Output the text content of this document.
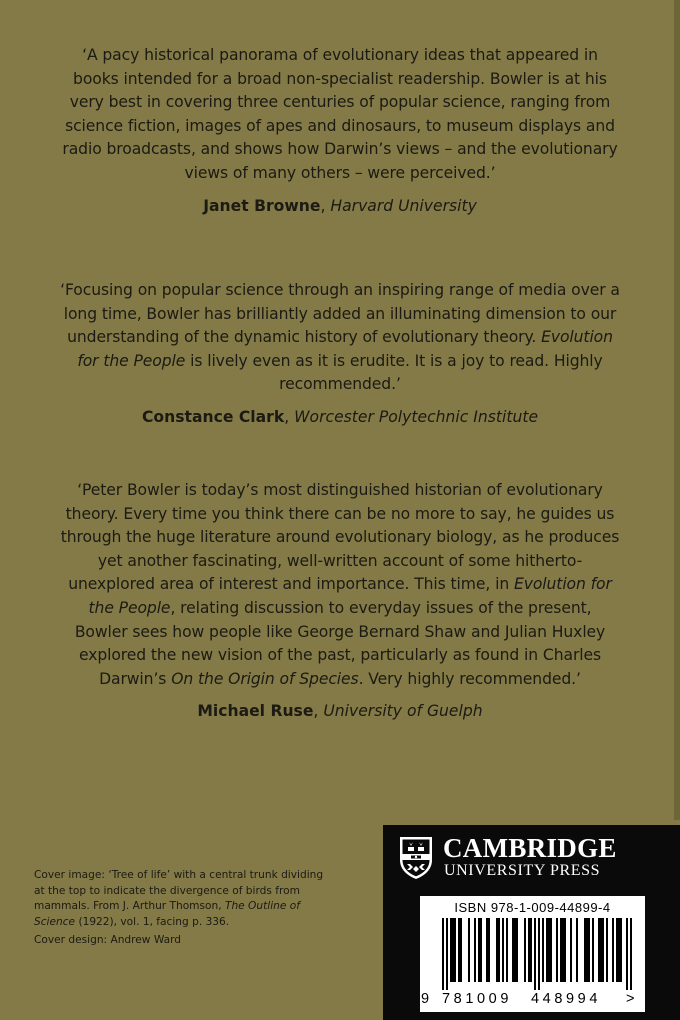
‘A pacy historical panorama of evolutionary ideas that appeared in books intended for a broad non-specialist readership. Bowler is at his very best in covering three centuries of popular science, ranging from science fiction, images of apes and dinosaurs, to museum displays and radio broadcasts, and shows how Darwin’s views – and the evolutionary views of many others – were perceived.’

Janet Browne, Harvard University

‘Focusing on popular science through an inspiring range of media over a long time, Bowler has brilliantly added an illuminating dimension to our understanding of the dynamic history of evolutionary theory. Evolution for the People is lively even as it is erudite. It is a joy to read. Highly recommended.’

Constance Clark, Worcester Polytechnic Institute

‘Peter Bowler is today’s most distinguished historian of evolutionary theory. Every time you think there can be no more to say, he guides us through the huge literature around evolutionary biology, as he produces yet another fascinating, well-written account of some hitherto-unexplored area of interest and importance. This time, in Evolution for the People, relating discussion to everyday issues of the present, Bowler sees how people like George Bernard Shaw and Julian Huxley explored the new vision of the past, particularly as found in Charles Darwin’s On the Origin of Species. Very highly recommended.’

Michael Ruse, University of Guelph

Cover image: ‘Tree of life’ with a central trunk dividing at the top to indicate the divergence of birds from mammals. From J. Arthur Thomson, The Outline of Science (1922), vol. 1, facing p. 336.

Cover design: Andrew Ward

CAMBRIDGE
UNIVERSITY PRESS
ISBN 978-1-009-44899-4
9 781009 448994 >
